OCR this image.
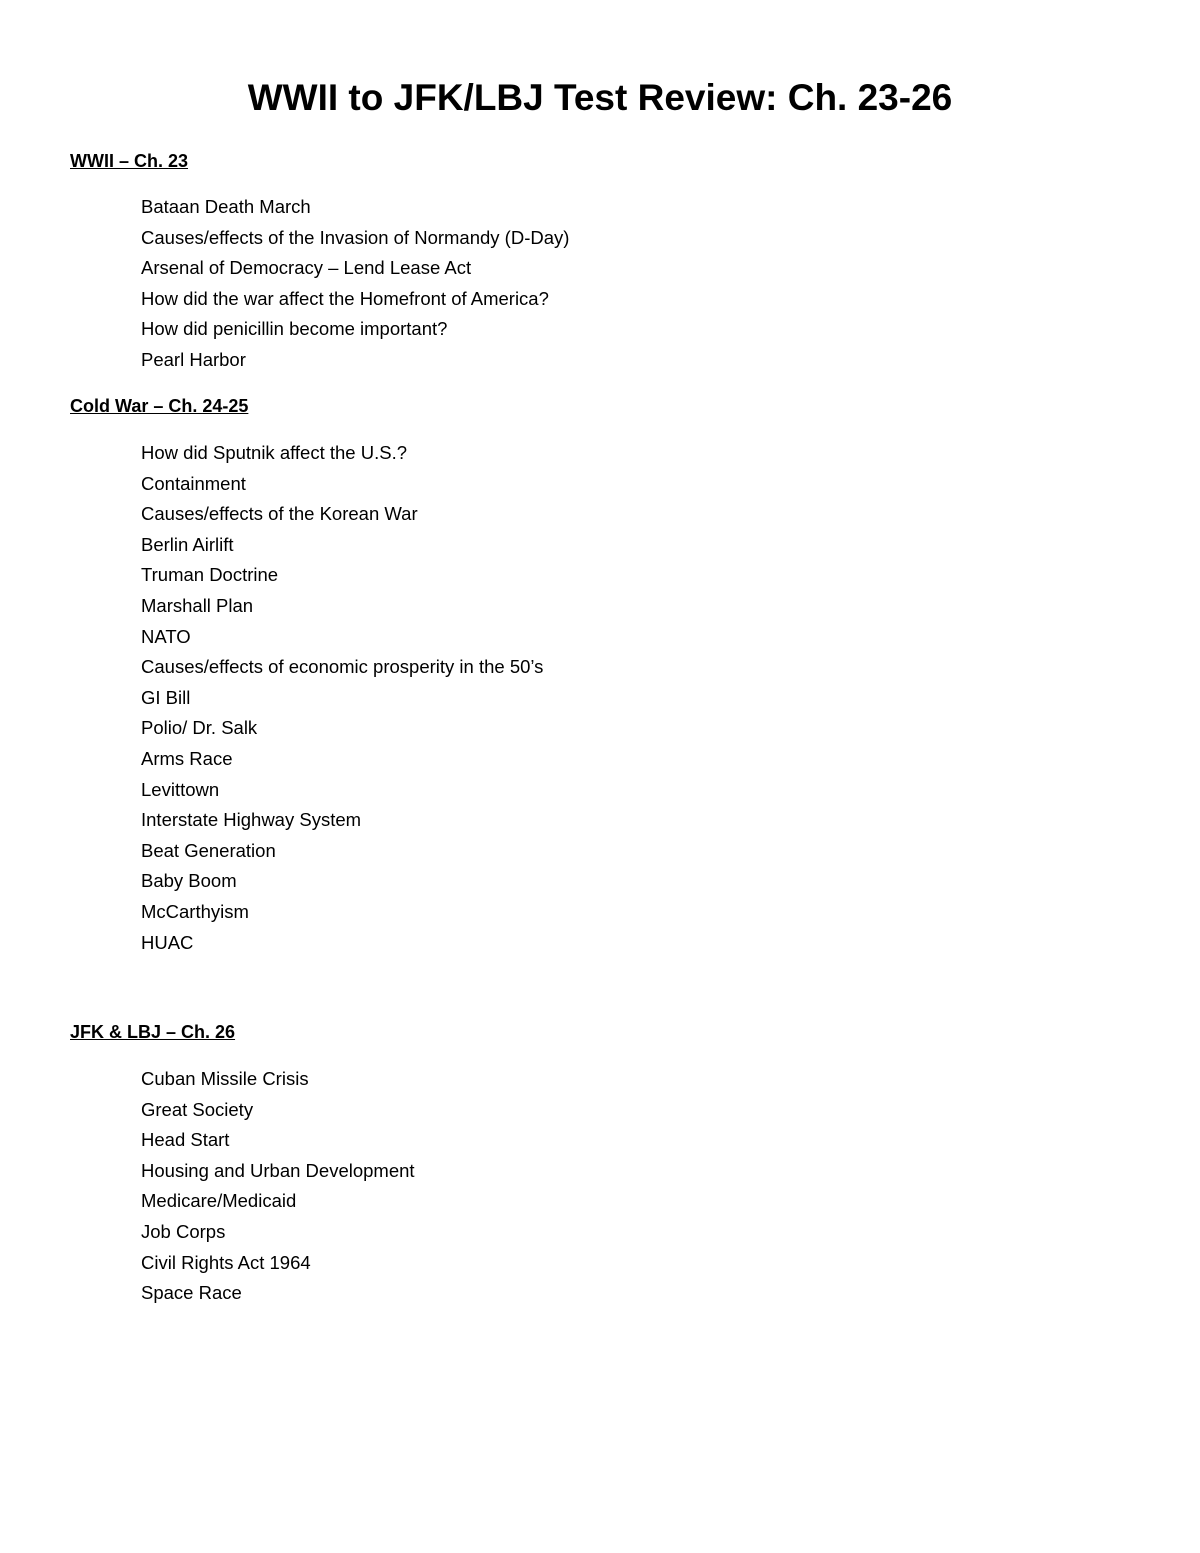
WWII to JFK/LBJ Test Review: Ch. 23-26
WWII – Ch. 23
Bataan Death March
Causes/effects of the Invasion of Normandy (D-Day)
Arsenal of Democracy – Lend Lease Act
How did the war affect the Homefront of America?
How did penicillin become important?
Pearl Harbor
Cold War – Ch. 24-25
How did Sputnik affect the U.S.?
Containment
Causes/effects of the Korean War
Berlin Airlift
Truman Doctrine
Marshall Plan
NATO
Causes/effects of economic prosperity in the 50’s
GI Bill
Polio/ Dr. Salk
Arms Race
Levittown
Interstate Highway System
Beat Generation
Baby Boom
McCarthyism
HUAC
JFK & LBJ – Ch. 26
Cuban Missile Crisis
Great Society
Head Start
Housing and Urban Development
Medicare/Medicaid
Job Corps
Civil Rights Act 1964
Space Race
